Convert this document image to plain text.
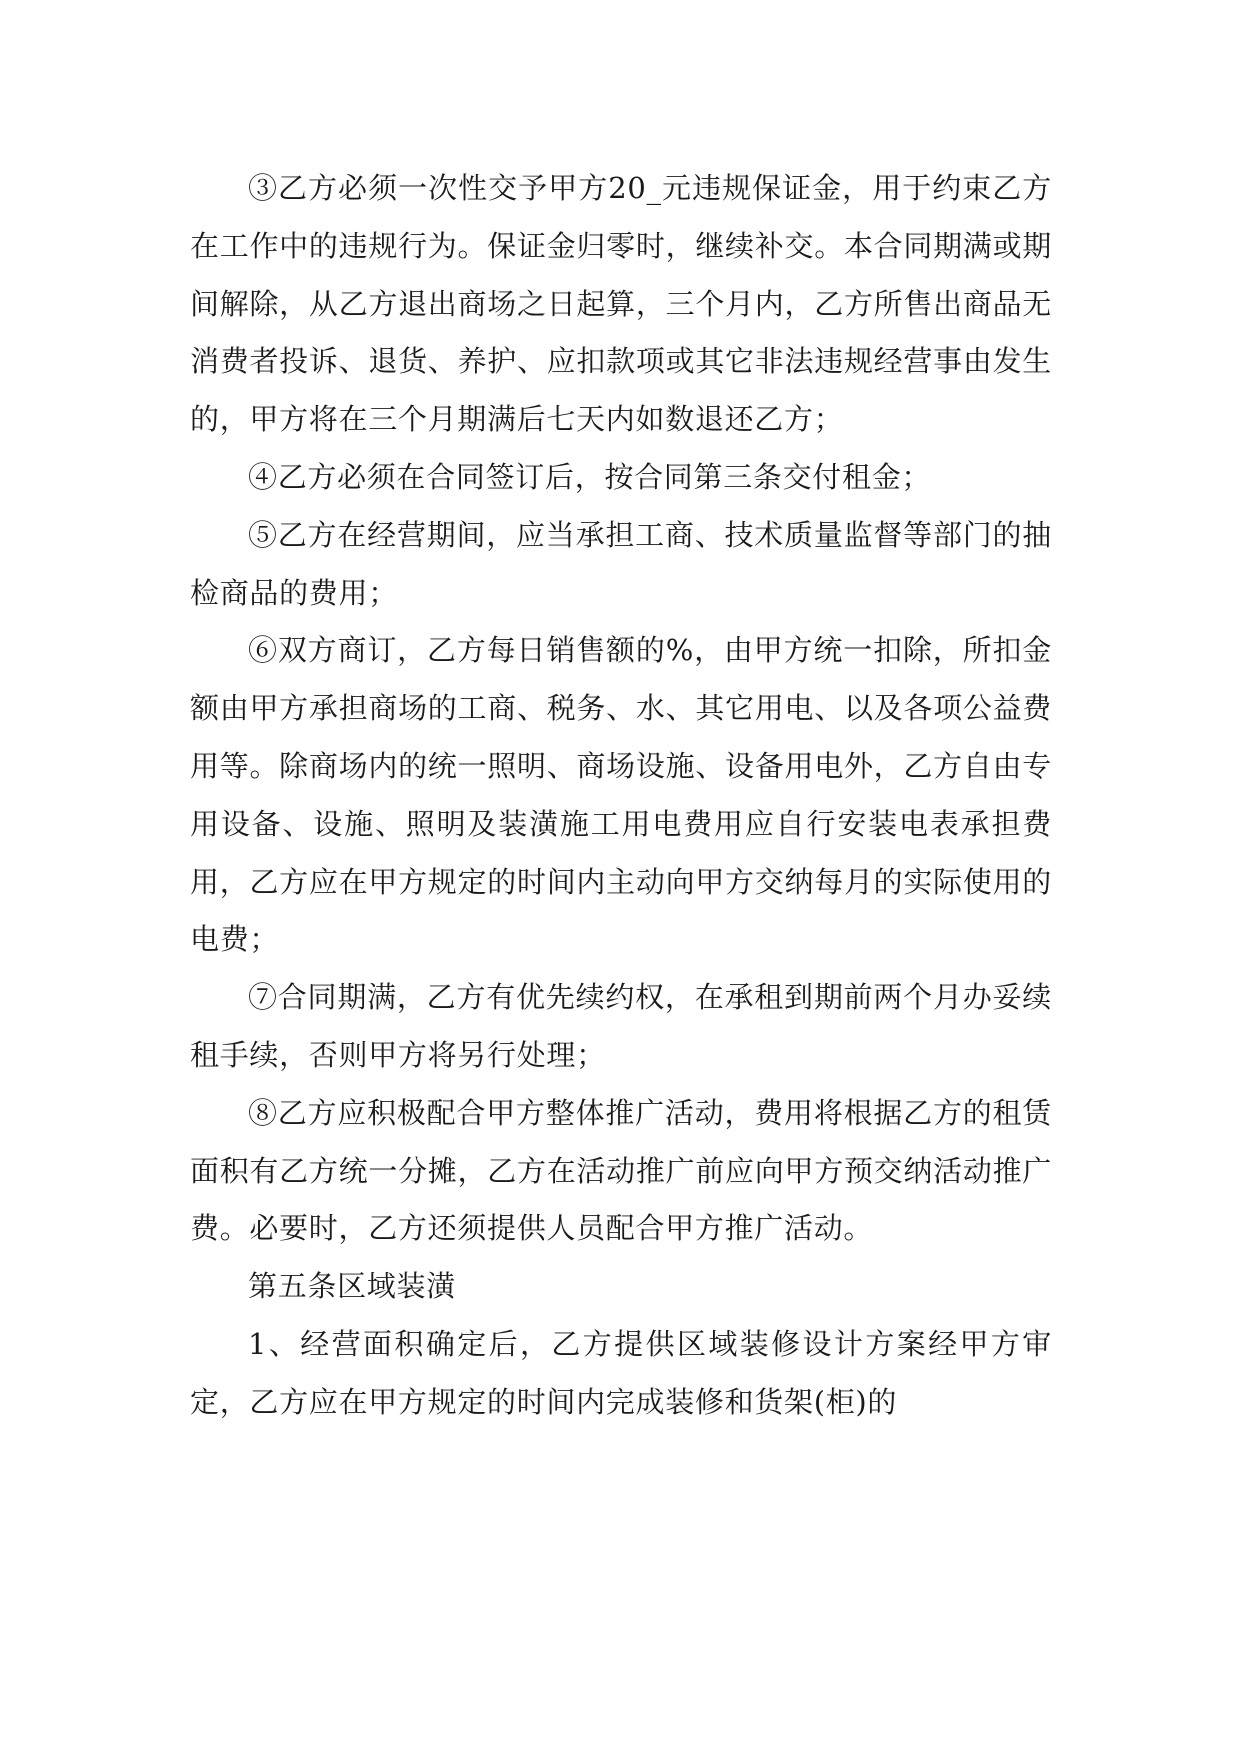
③乙方必须一次性交予甲方20_元违规保证金，用于约束乙方在工作中的违规行为。保证金归零时，继续补交。本合同期满或期间解除，从乙方退出商场之日起算，三个月内，乙方所售出商品无消费者投诉、退货、养护、应扣款项或其它非法违规经营事由发生的，甲方将在三个月期满后七天内如数退还乙方；

④乙方必须在合同签订后，按合同第三条交付租金；

⑤乙方在经营期间，应当承担工商、技术质量监督等部门的抽检商品的费用；

⑥双方商订，乙方每日销售额的%，由甲方统一扣除，所扣金额由甲方承担商场的工商、税务、水、其它用电、以及各项公益费用等。除商场内的统一照明、商场设施、设备用电外，乙方自由专用设备、设施、照明及装潢施工用电费用应自行安装电表承担费用，乙方应在甲方规定的时间内主动向甲方交纳每月的实际使用的电费；

⑦合同期满，乙方有优先续约权，在承租到期前两个月办妥续租手续，否则甲方将另行处理；

⑧乙方应积极配合甲方整体推广活动，费用将根据乙方的租赁面积有乙方统一分摊，乙方在活动推广前应向甲方预交纳活动推广费。必要时，乙方还须提供人员配合甲方推广活动。

第五条区域装潢

1、经营面积确定后，乙方提供区域装修设计方案经甲方审定，乙方应在甲方规定的时间内完成装修和货架(柜)的
